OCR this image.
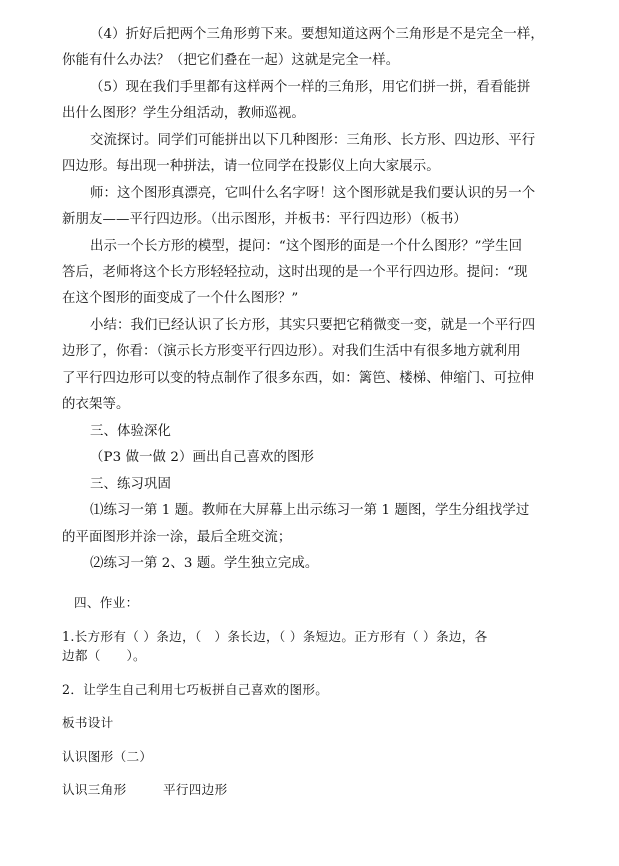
（4）折好后把两个三角形剪下来。要想知道这两个三角形是不是完全一样，
你能有什么办法？（把它们叠在一起）这就是完全一样。
（5）现在我们手里都有这样两个一样的三角形，用它们拼一拼，看看能拼
出什么图形？学生分组活动，教师巡视。
交流探讨。同学们可能拼出以下几种图形：三角形、长方形、四边形、平行
四边形。每出现一种拼法，请一位同学在投影仪上向大家展示。
师：这个图形真漂亮，它叫什么名字呀！这个图形就是我们要认识的另一个
新朋友——平行四边形。（出示图形，并板书：平行四边形）（板书）
出示一个长方形的模型，提问：“这个图形的面是一个什么图形？”学生回
答后，老师将这个长方形轻轻拉动，这时出现的是一个平行四边形。提问：“现
在这个图形的面变成了一个什么图形？”
小结：我们已经认识了长方形，其实只要把它稍微变一变，就是一个平行四
边形了，你看：（演示长方形变平行四边形）。对我们生活中有很多地方就利用
了平行四边形可以变的特点制作了很多东西，如：篱笆、楼梯、伸缩门、可拉伸
的衣架等。
三、体验深化
（P3 做一做 2）画出自己喜欢的图形
三、练习巩固
⑴练习一第 1 题。教师在大屏幕上出示练习一第 1 题图，学生分组找学过
的平面图形并涂一涂，最后全班交流；
⑵练习一第 2、3 题。学生独立完成。
四、作业：
1.长方形有（ ）条边，（　）条长边，（ ）条短边。正方形有（ ）条边，各
边都（　　）。
2．让学生自己利用七巧板拼自己喜欢的图形。
板书设计
认识图形（二）
认识三角形	平行四边形
